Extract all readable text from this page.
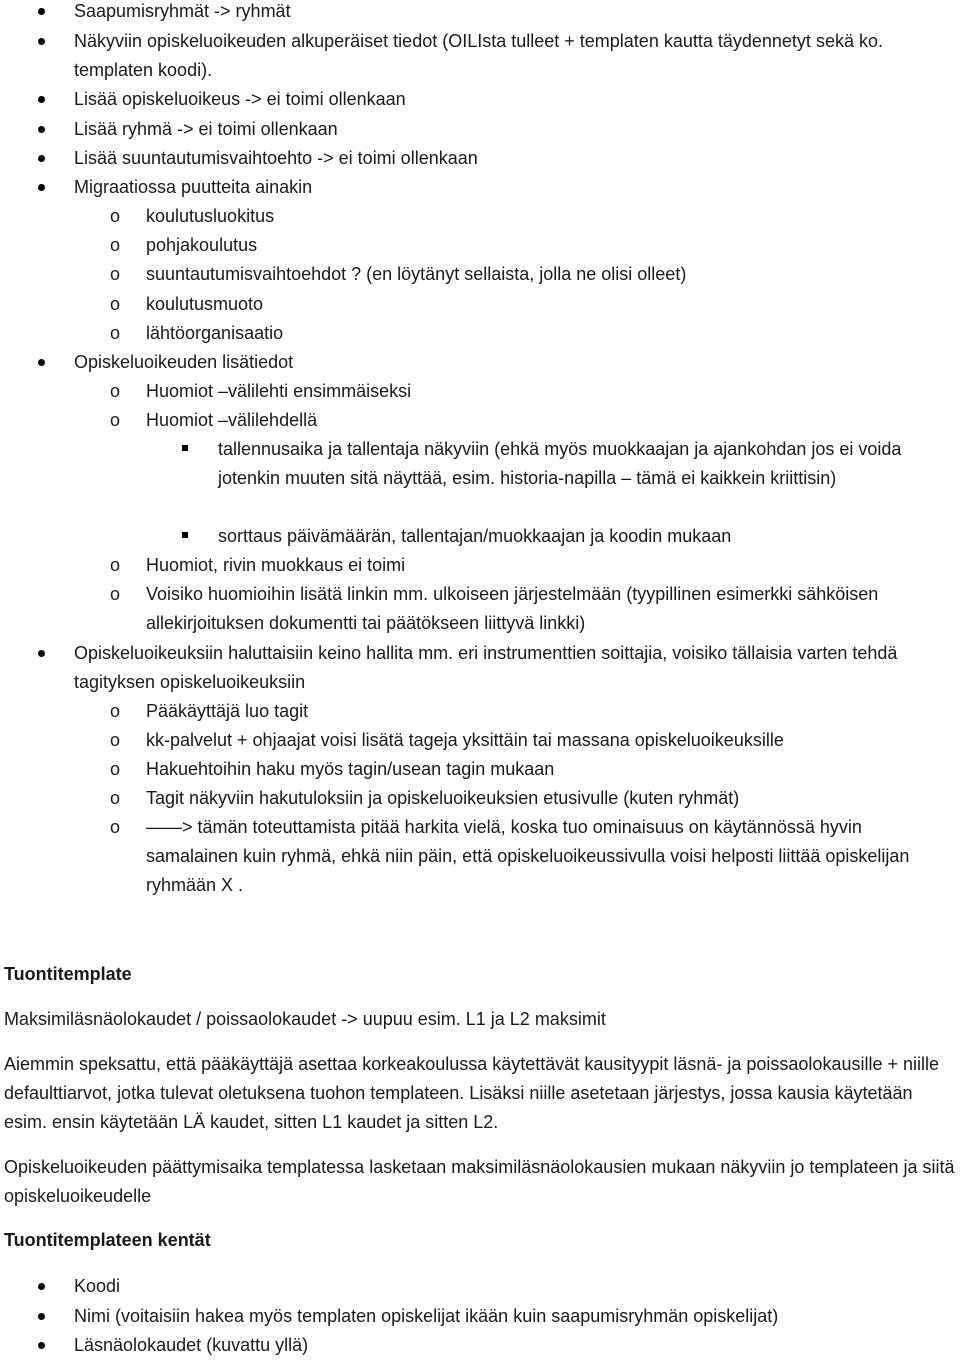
Saapumisryhmät -> ryhmät
Näkyviin opiskeluoikeuden alkuperäiset tiedot (OILIsta tulleet + templaten kautta täydennetyt sekä ko. templaten koodi).
Lisää opiskeluoikeus -> ei toimi ollenkaan
Lisää ryhmä -> ei toimi ollenkaan
Lisää suuntautumisvaihtoehto -> ei toimi ollenkaan
Migraatiossa puutteita ainakin
o koulutusluokitus
o pohjakoulutus
o suuntautumisvaihtoehdot ? (en löytänyt sellaista, jolla ne olisi olleet)
o koulutusmuoto
o lähtöorganisaatio
Opiskeluoikeuden lisätiedot
o Huomiot –välilehti ensimmäiseksi
o Huomiot –välilehdellä
tallennusaika ja tallentaja näkyviin (ehkä myös muokkaajan ja ajankohdan jos ei voida jotenkin muuten sitä näyttää, esim. historia-napilla – tämä ei kaikkein kriittisin)
sorttaus päivämäärän, tallentajan/muokkaajan ja koodin mukaan
o Huomiot, rivin muokkaus ei toimi
o Voisiko huomioihin lisätä linkin mm. ulkoiseen järjestelmään (tyypillinen esimerkki sähköisen allekirjoituksen dokumentti tai päätökseen liittyvä linkki)
Opiskeluoikeuksiin haluttaisiin keino hallita mm. eri instrumenttien soittajia, voisiko tällaisia varten tehdä tagityksen opiskeluoikeuksiin
o Pääkäyttäjä luo tagit
o kk-palvelut + ohjaajat voisi lisätä tageja yksittäin tai massana opiskeluoikeuksille
o Hakuehtoihin haku myös tagin/usean tagin mukaan
o Tagit näkyviin hakutuloksiin ja opiskeluoikeuksien etusivulle (kuten ryhmät)
o ——> tämän toteuttamista pitää harkita vielä, koska tuo ominaisuus on käytännössä hyvin samalainen kuin ryhmä, ehkä niin päin, että opiskeluoikeussivulla voisi helposti liittää opiskelijan ryhmään X .
Tuontitemplate
Maksimiläsnäolokaudet / poissaolokaudet -> uupuu esim. L1 ja L2 maksimit
Aiemmin speksattu, että pääkäyttäjä asettaa korkeakoulussa käytettävät kausityypit läsnä- ja poissaolokausille + niille defaulttiarvot, jotka tulevat oletuksena tuohon templateen. Lisäksi niille asetetaan järjestys, jossa kausia käytetään esim. ensin käytetään LÄ kaudet, sitten L1 kaudet ja sitten L2.
Opiskeluoikeuden päättymisaika templatessa lasketaan maksimiläsnäolokausien mukaan näkyviin jo templateen ja siitä opiskeluoikeudelle
Tuontitemplateen kentät
Koodi
Nimi (voitaisiin hakea myös templaten opiskelijat ikään kuin saapumisryhmän opiskelijat)
Läsnäolokaudet (kuvattu yllä)
